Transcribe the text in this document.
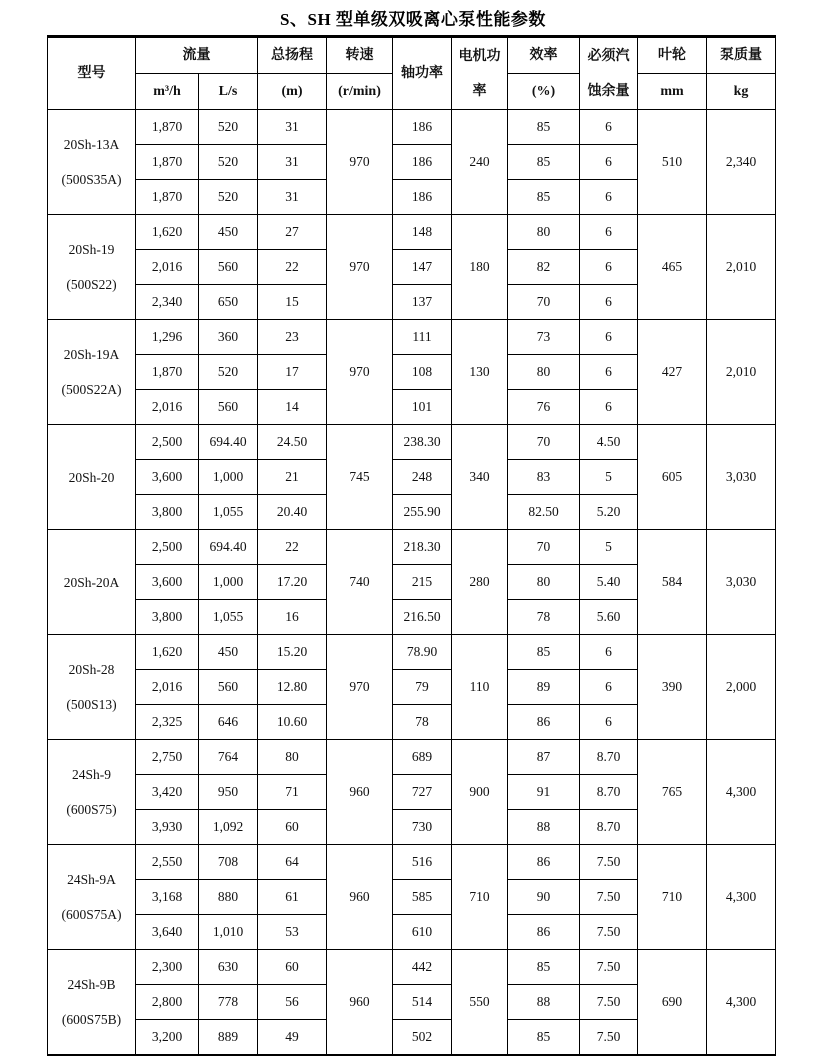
S、SH 型单级双吸离心泵性能参数
型号	流量		总扬程	转速	轴功率	电机功率	效率	必须汽蚀余量	叶轮	泵质量
	m³/h	L/s	(m)	(r/min)			(%)		mm	kg

20Sh-13A
(500S35A)	1,870	520	31	970	186	240	85	6	510	2,340
	1,870	520	31		186		85	6		
	1,870	520	31		186		85	6		

20Sh-19
(500S22)	1,620	450	27	970	148	180	80	6	465	2,010
	2,016	560	22		147		82	6		
	2,340	650	15		137		70	6		

20Sh-19A
(500S22A)	1,296	360	23	970	111	130	73	6	427	2,010
	1,870	520	17		108		80	6		
	2,016	560	14		101		76	6		

20Sh-20	2,500	694.40	24.50	745	238.30	340	70	4.50	605	3,030
	3,600	1,000	21		248		83	5		
	3,800	1,055	20.40		255.90		82.50	5.20		

20Sh-20A	2,500	694.40	22	740	218.30	280	70	5	584	3,030
	3,600	1,000	17.20		215		80	5.40		
	3,800	1,055	16		216.50		78	5.60		

20Sh-28
(500S13)	1,620	450	15.20	970	78.90	110	85	6	390	2,000
	2,016	560	12.80		79		89	6		
	2,325	646	10.60		78		86	6		

24Sh-9
(600S75)	2,750	764	80	960	689	900	87	8.70	765	4,300
	3,420	950	71		727		91	8.70		
	3,930	1,092	60		730		88	8.70		

24Sh-9A
(600S75A)	2,550	708	64	960	516	710	86	7.50	710	4,300
	3,168	880	61		585		90	7.50		
	3,640	1,010	53		610		86	7.50		

24Sh-9B
(600S75B)	2,300	630	60	960	442	550	85	7.50	690	4,300
	2,800	778	56		514		88	7.50		
	3,200	889	49		502		85	7.50		
